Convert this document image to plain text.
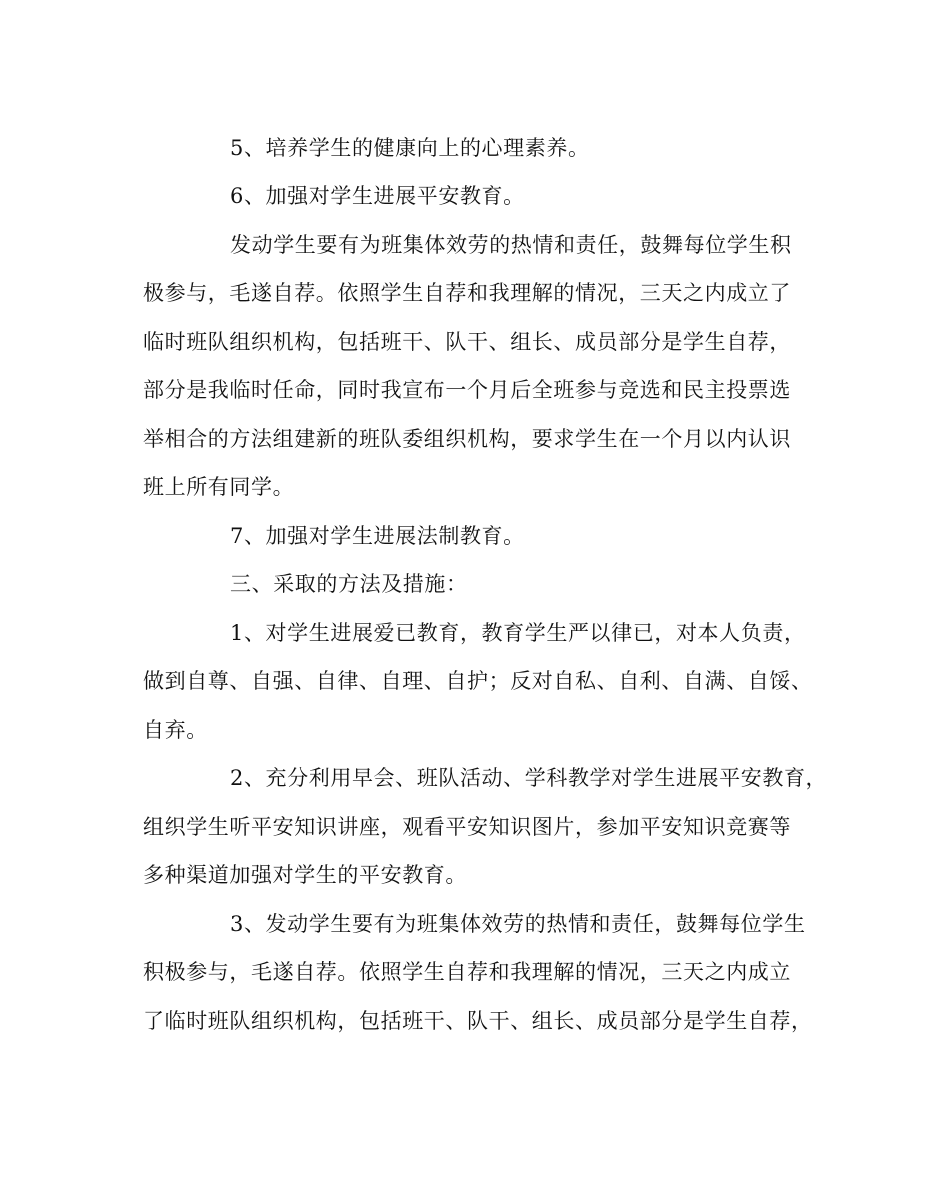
5、培养学生的健康向上的心理素养。
6、加强对学生进展平安教育。
发动学生要有为班集体效劳的热情和责任，鼓舞每位学生积
极参与，毛遂自荐。依照学生自荐和我理解的情况，三天之内成立了
临时班队组织机构，包括班干、队干、组长、成员部分是学生自荐，
部分是我临时任命，同时我宣布一个月后全班参与竞选和民主投票选
举相合的方法组建新的班队委组织机构，要求学生在一个月以内认识
班上所有同学。
7、加强对学生进展法制教育。
三、采取的方法及措施：
1、对学生进展爱已教育，教育学生严以律已，对本人负责，
做到自尊、自强、自律、自理、自护；反对自私、自利、自满、自馁、
自弃。
2、充分利用早会、班队活动、学科教学对学生进展平安教育，
组织学生听平安知识讲座，观看平安知识图片，参加平安知识竞赛等
多种渠道加强对学生的平安教育。
3、发动学生要有为班集体效劳的热情和责任，鼓舞每位学生
积极参与，毛遂自荐。依照学生自荐和我理解的情况，三天之内成立
了临时班队组织机构，包括班干、队干、组长、成员部分是学生自荐，
